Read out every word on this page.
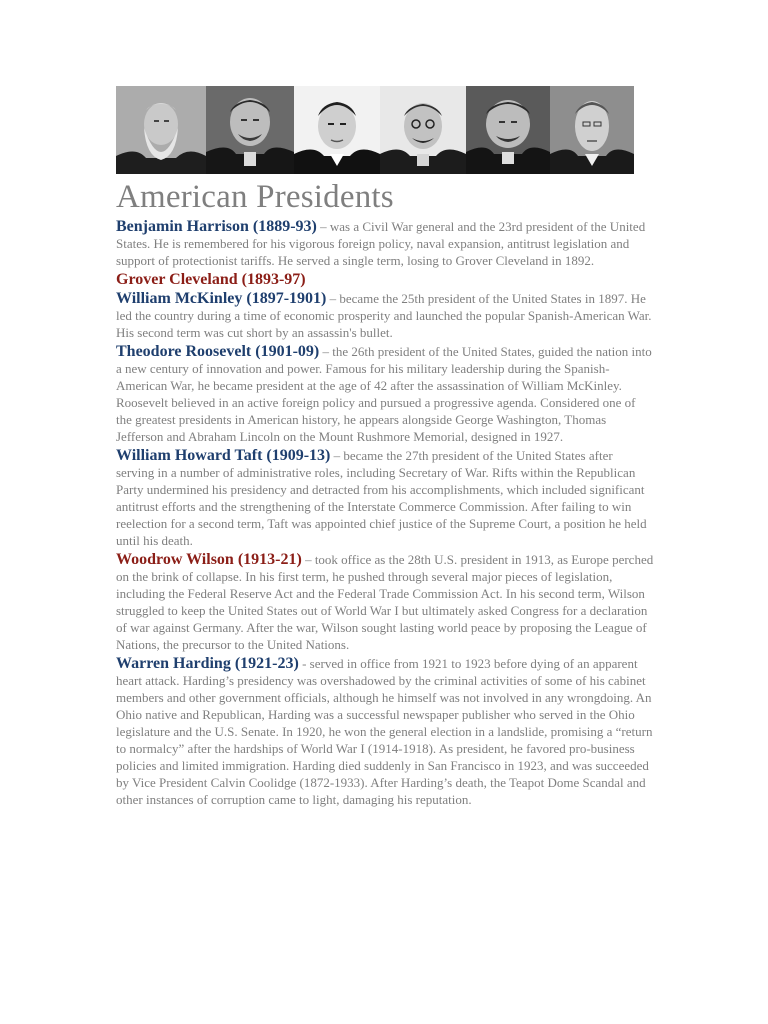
American Presidents

Benjamin Harrison (1889-93) – was a Civil War general and the 23rd president of the United States. He is remembered for his vigorous foreign policy, naval expansion, antitrust legislation and support of protectionist tariffs. He served a single term, losing to Grover Cleveland in 1892.

Grover Cleveland (1893-97)

William McKinley (1897-1901) – became the 25th president of the United States in 1897. He led the country during a time of economic prosperity and launched the popular Spanish-American War. His second term was cut short by an assassin's bullet.

Theodore Roosevelt (1901-09) – the 26th president of the United States, guided the nation into a new century of innovation and power. Famous for his military leadership during the Spanish-American War, he became president at the age of 42 after the assassination of William McKinley. Roosevelt believed in an active foreign policy and pursued a progressive agenda. Considered one of the greatest presidents in American history, he appears alongside George Washington, Thomas Jefferson and Abraham Lincoln on the Mount Rushmore Memorial, designed in 1927.

William Howard Taft (1909-13) – became the 27th president of the United States after serving in a number of administrative roles, including Secretary of War. Rifts within the Republican Party undermined his presidency and detracted from his accomplishments, which included significant antitrust efforts and the strengthening of the Interstate Commerce Commission. After failing to win reelection for a second term, Taft was appointed chief justice of the Supreme Court, a position he held until his death.

Woodrow Wilson (1913-21) – took office as the 28th U.S. president in 1913, as Europe perched on the brink of collapse. In his first term, he pushed through several major pieces of legislation, including the Federal Reserve Act and the Federal Trade Commission Act. In his second term, Wilson struggled to keep the United States out of World War I but ultimately asked Congress for a declaration of war against Germany. After the war, Wilson sought lasting world peace by proposing the League of Nations, the precursor to the United Nations.

Warren Harding (1921-23) - served in office from 1921 to 1923 before dying of an apparent heart attack. Harding’s presidency was overshadowed by the criminal activities of some of his cabinet members and other government officials, although he himself was not involved in any wrongdoing. An Ohio native and Republican, Harding was a successful newspaper publisher who served in the Ohio legislature and the U.S. Senate. In 1920, he won the general election in a landslide, promising a “return to normalcy” after the hardships of World War I (1914-1918). As president, he favored pro-business policies and limited immigration. Harding died suddenly in San Francisco in 1923, and was succeeded by Vice President Calvin Coolidge (1872-1933). After Harding’s death, the Teapot Dome Scandal and other instances of corruption came to light, damaging his reputation.
